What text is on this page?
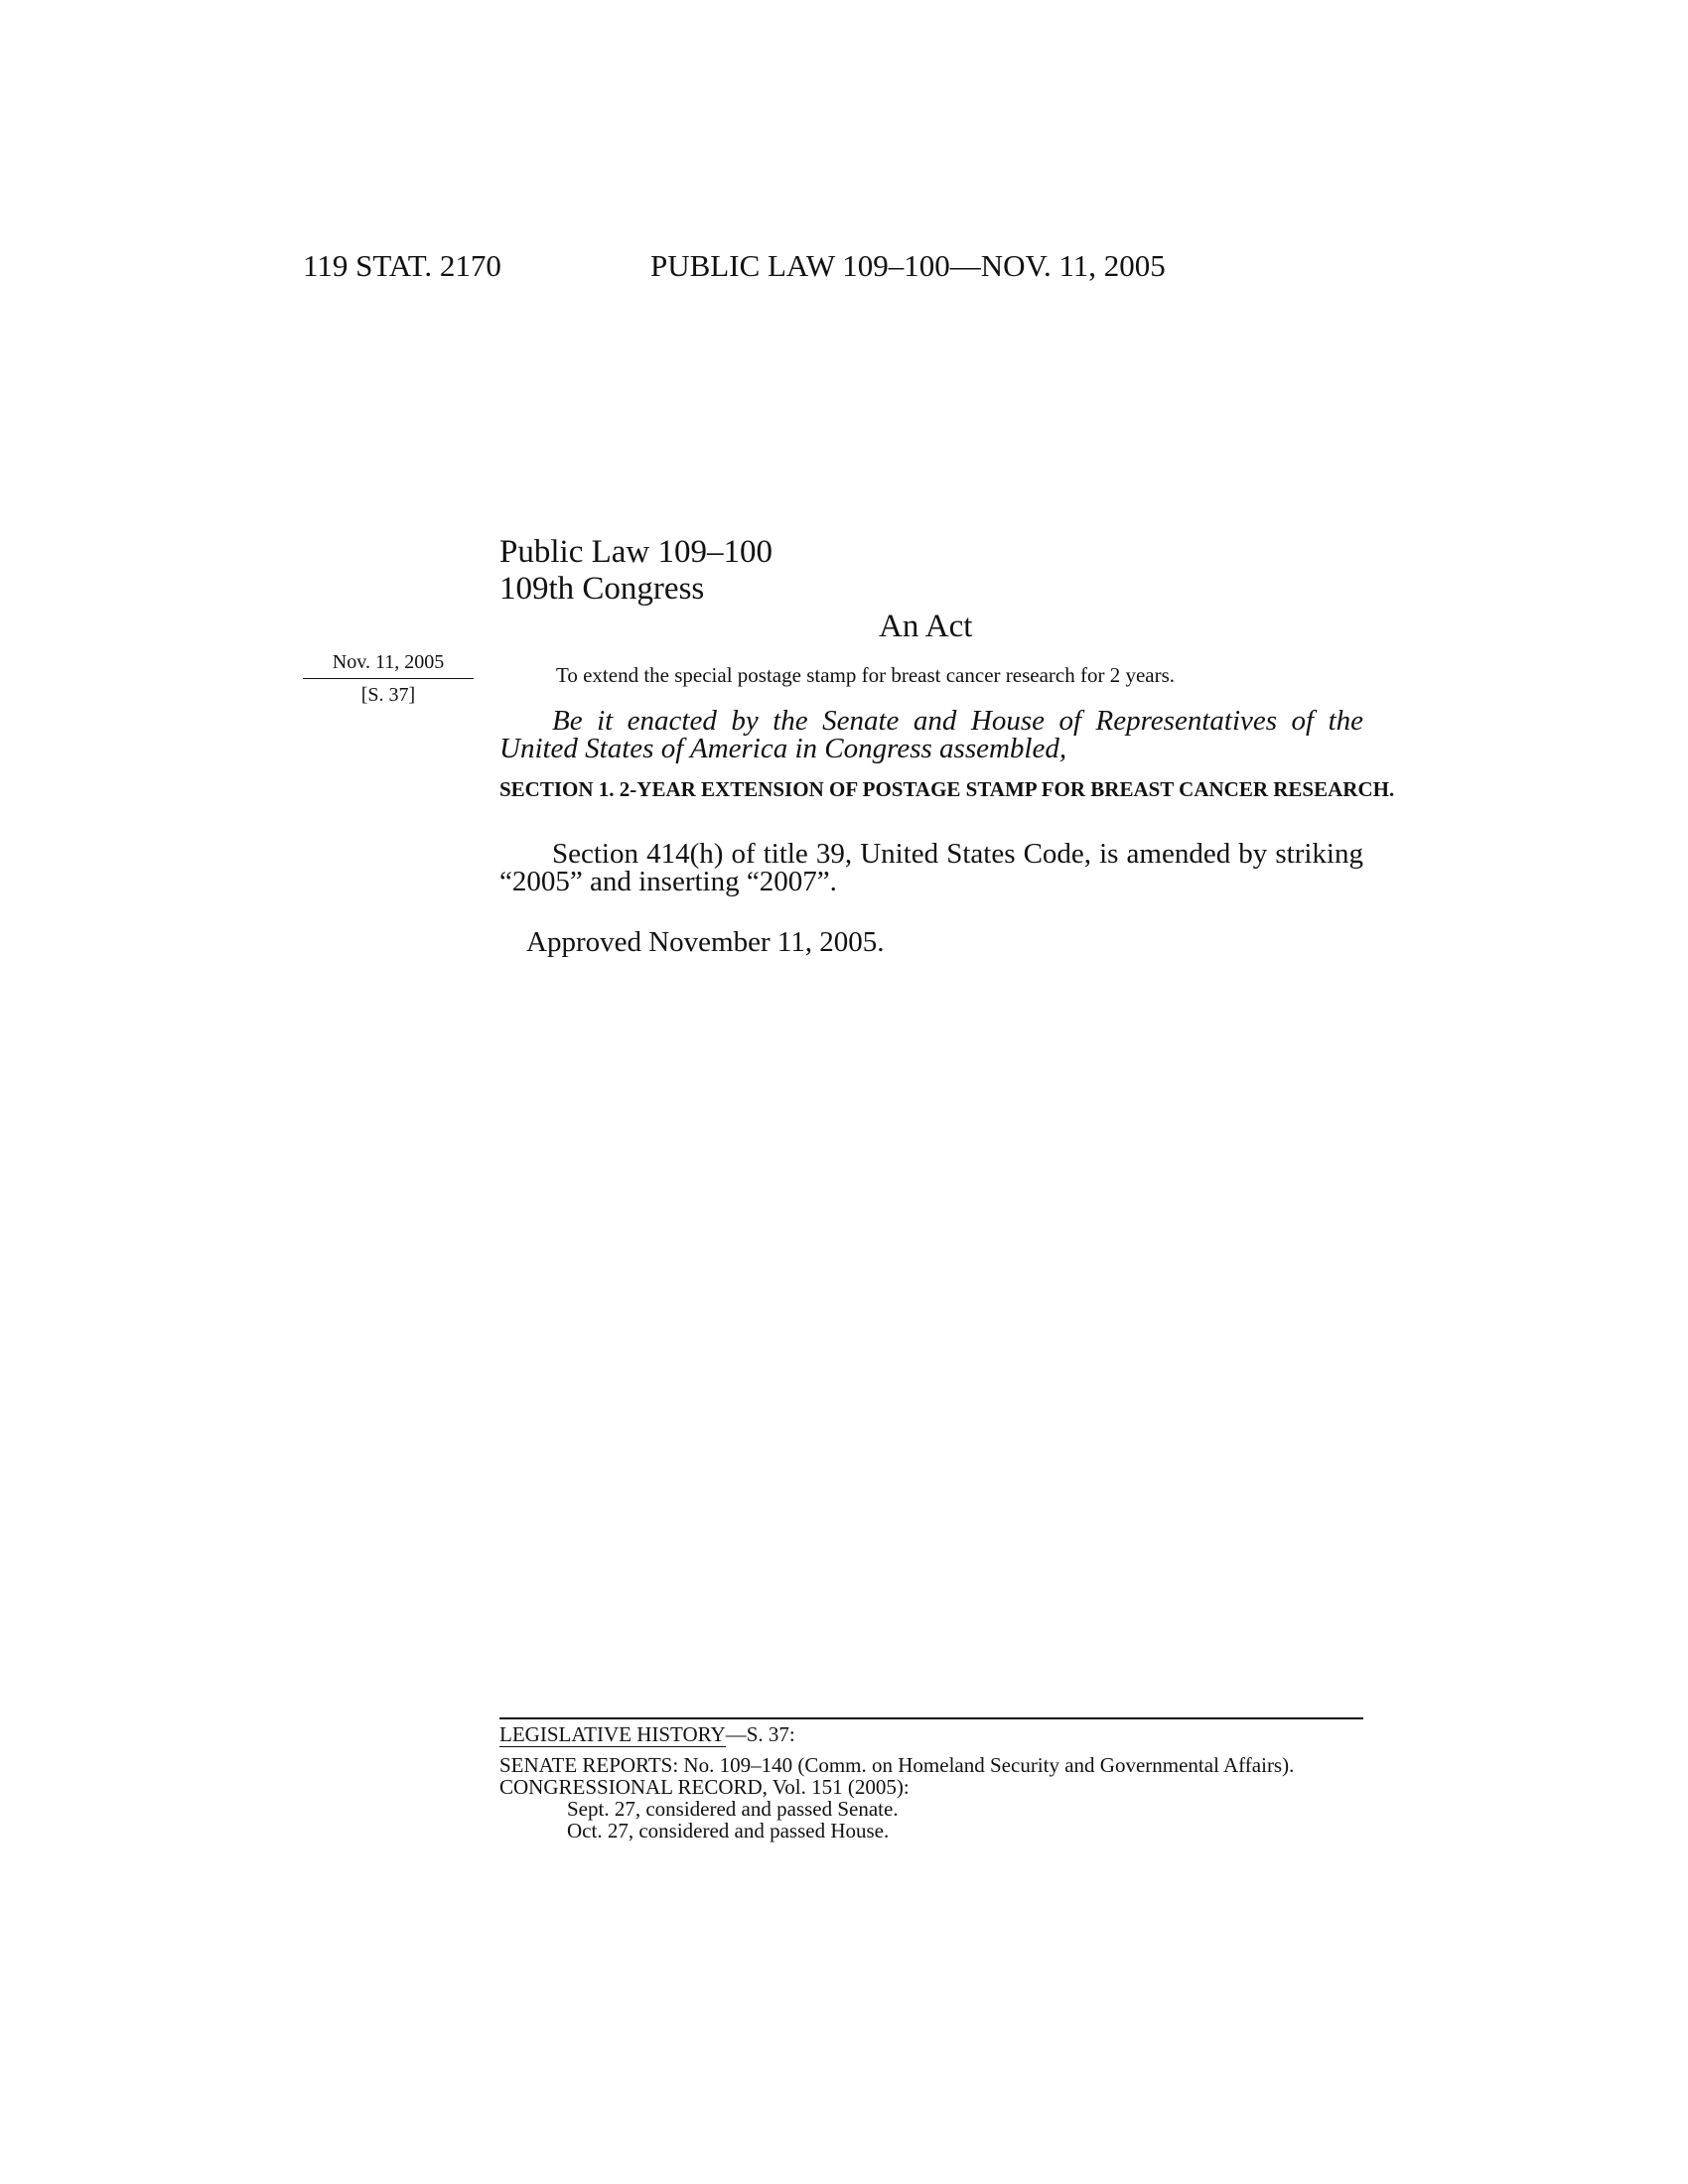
119 STAT. 2170	PUBLIC LAW 109–100—NOV. 11, 2005
Public Law 109–100
109th Congress
An Act
Nov. 11, 2005
[S. 37]
To extend the special postage stamp for breast cancer research for 2 years.
Be it enacted by the Senate and House of Representatives of the United States of America in Congress assembled,
SECTION 1. 2-YEAR EXTENSION OF POSTAGE STAMP FOR BREAST CANCER RESEARCH.
Section 414(h) of title 39, United States Code, is amended by striking “2005” and inserting “2007”.
Approved November 11, 2005.
LEGISLATIVE HISTORY—S. 37:
SENATE REPORTS: No. 109–140 (Comm. on Homeland Security and Governmental Affairs).
CONGRESSIONAL RECORD, Vol. 151 (2005):
Sept. 27, considered and passed Senate.
Oct. 27, considered and passed House.
